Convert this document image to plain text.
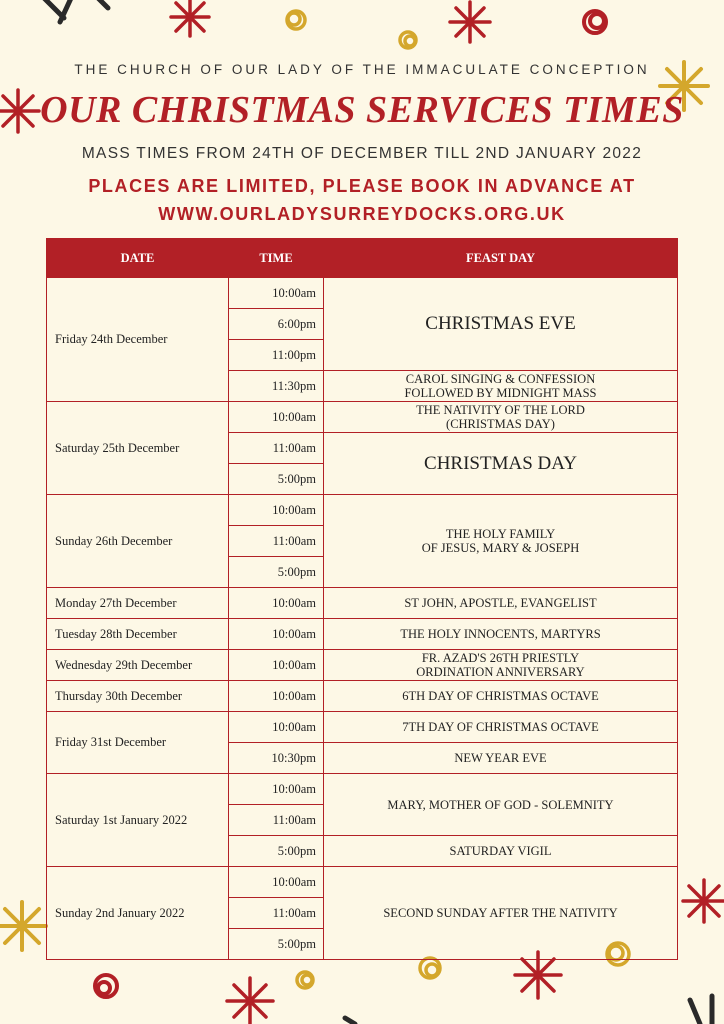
THE CHURCH OF OUR LADY OF THE IMMACULATE CONCEPTION
OUR CHRISTMAS SERVICES TIMES
MASS TIMES FROM 24TH OF DECEMBER TILL 2ND JANUARY 2022
PLACES ARE LIMITED, PLEASE BOOK IN ADVANCE AT
WWW.OURLADYSURREYDOCKS.ORG.UK
DATE	TIME	FEAST DAY
Friday 24th December	10:00am	CHRISTMAS EVE
	6:00pm	
	11:00pm	
	11:30pm	CAROL SINGING & CONFESSION
FOLLOWED BY MIDNIGHT MASS
Saturday 25th December	10:00am	THE NATIVITY OF THE LORD
(CHRISTMAS DAY)
	11:00am	CHRISTMAS DAY
	5:00pm	
Sunday 26th December	10:00am	THE HOLY FAMILY
OF JESUS, MARY & JOSEPH
	11:00am	
	5:00pm	
Monday 27th December	10:00am	ST JOHN, APOSTLE, EVANGELIST
Tuesday 28th December	10:00am	THE HOLY INNOCENTS, MARTYRS
Wednesday 29th December	10:00am	FR. AZAD'S 26TH PRIESTLY
ORDINATION ANNIVERSARY
Thursday 30th December	10:00am	6TH DAY OF CHRISTMAS OCTAVE
Friday 31st December	10:00am	7TH DAY OF CHRISTMAS OCTAVE
	10:30pm	NEW YEAR EVE
Saturday 1st January 2022	10:00am	MARY, MOTHER OF GOD - SOLEMNITY
	11:00am	
	5:00pm	SATURDAY VIGIL
Sunday 2nd January 2022	10:00am	SECOND SUNDAY AFTER THE NATIVITY
	11:00am	
	5:00pm	
